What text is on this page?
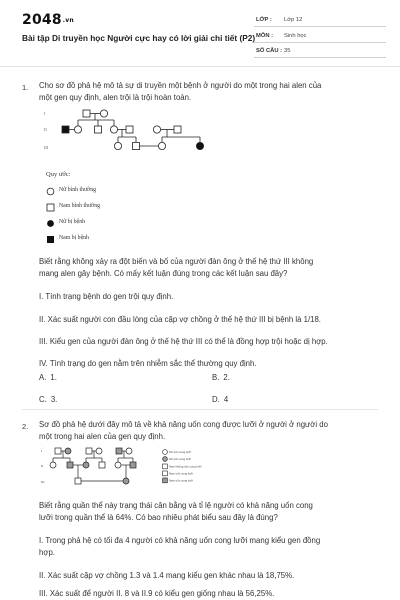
2048.vn
Bài tập Di truyền học Người cực hay có lời giải chi tiết (P2)
LỚP : Lớp 12
MÔN : Sinh học
SỐ CÂU : 35
1. Cho sơ đồ phả hệ mô tả sự di truyền một bệnh ở người do một trong hai alen của
một gen quy định, alen trội là trội hoàn toàn.
I
II
III
Quy ước:
Nữ bình thường
Nam bình thường
Nữ bị bệnh
Nam bị bệnh
Biết rằng không xảy ra đột biến và bố của người đàn ông ở thế hệ thứ III không
mang alen gây bệnh. Có mấy kết luận đúng trong các kết luận sau đây?
I. Tính trạng bệnh do gen trội quy định.
II. Xác suất người con đầu lòng của cặp vợ chồng ở thế hệ thứ III bị bệnh là 1/18.
III. Kiểu gen của người đàn ông ở thế hệ thứ III có thể là đồng hợp trội hoặc dị hợp.
IV. Tình trạng do gen nằm trên nhiễm sắc thể thường quy định.
A. 1.	B. 2.
C. 3.	D. 4
2. Sơ đồ phả hệ dưới đây mô tả về khả năng uốn cong được lưỡi ở người ở người do
một trong hai alen của gen quy định.
I
II
III
Nữ uốn cong lưỡi
Nữ uốn cong lưỡi
Nam không uốn cong lưỡi
Nam uốn cong lưỡi
Nam uốn cong lưỡi
Biết rằng quần thể này trạng thái cân bằng và tỉ lệ người có khả năng uốn cong
lưỡi trong quần thể là 64%. Có bao nhiêu phát biểu sau đây là đúng?
I. Trong phả hệ có tối đa 4 người có khả năng uốn cong lưỡi mang kiểu gen đồng
hợp.
II. Xác suất cặp vợ chồng 1.3 và 1.4 mang kiểu gen khác nhau là 18,75%.
III. Xác suất để người II. 8 và II.9 có kiểu gen giống nhau là 56,25%.
